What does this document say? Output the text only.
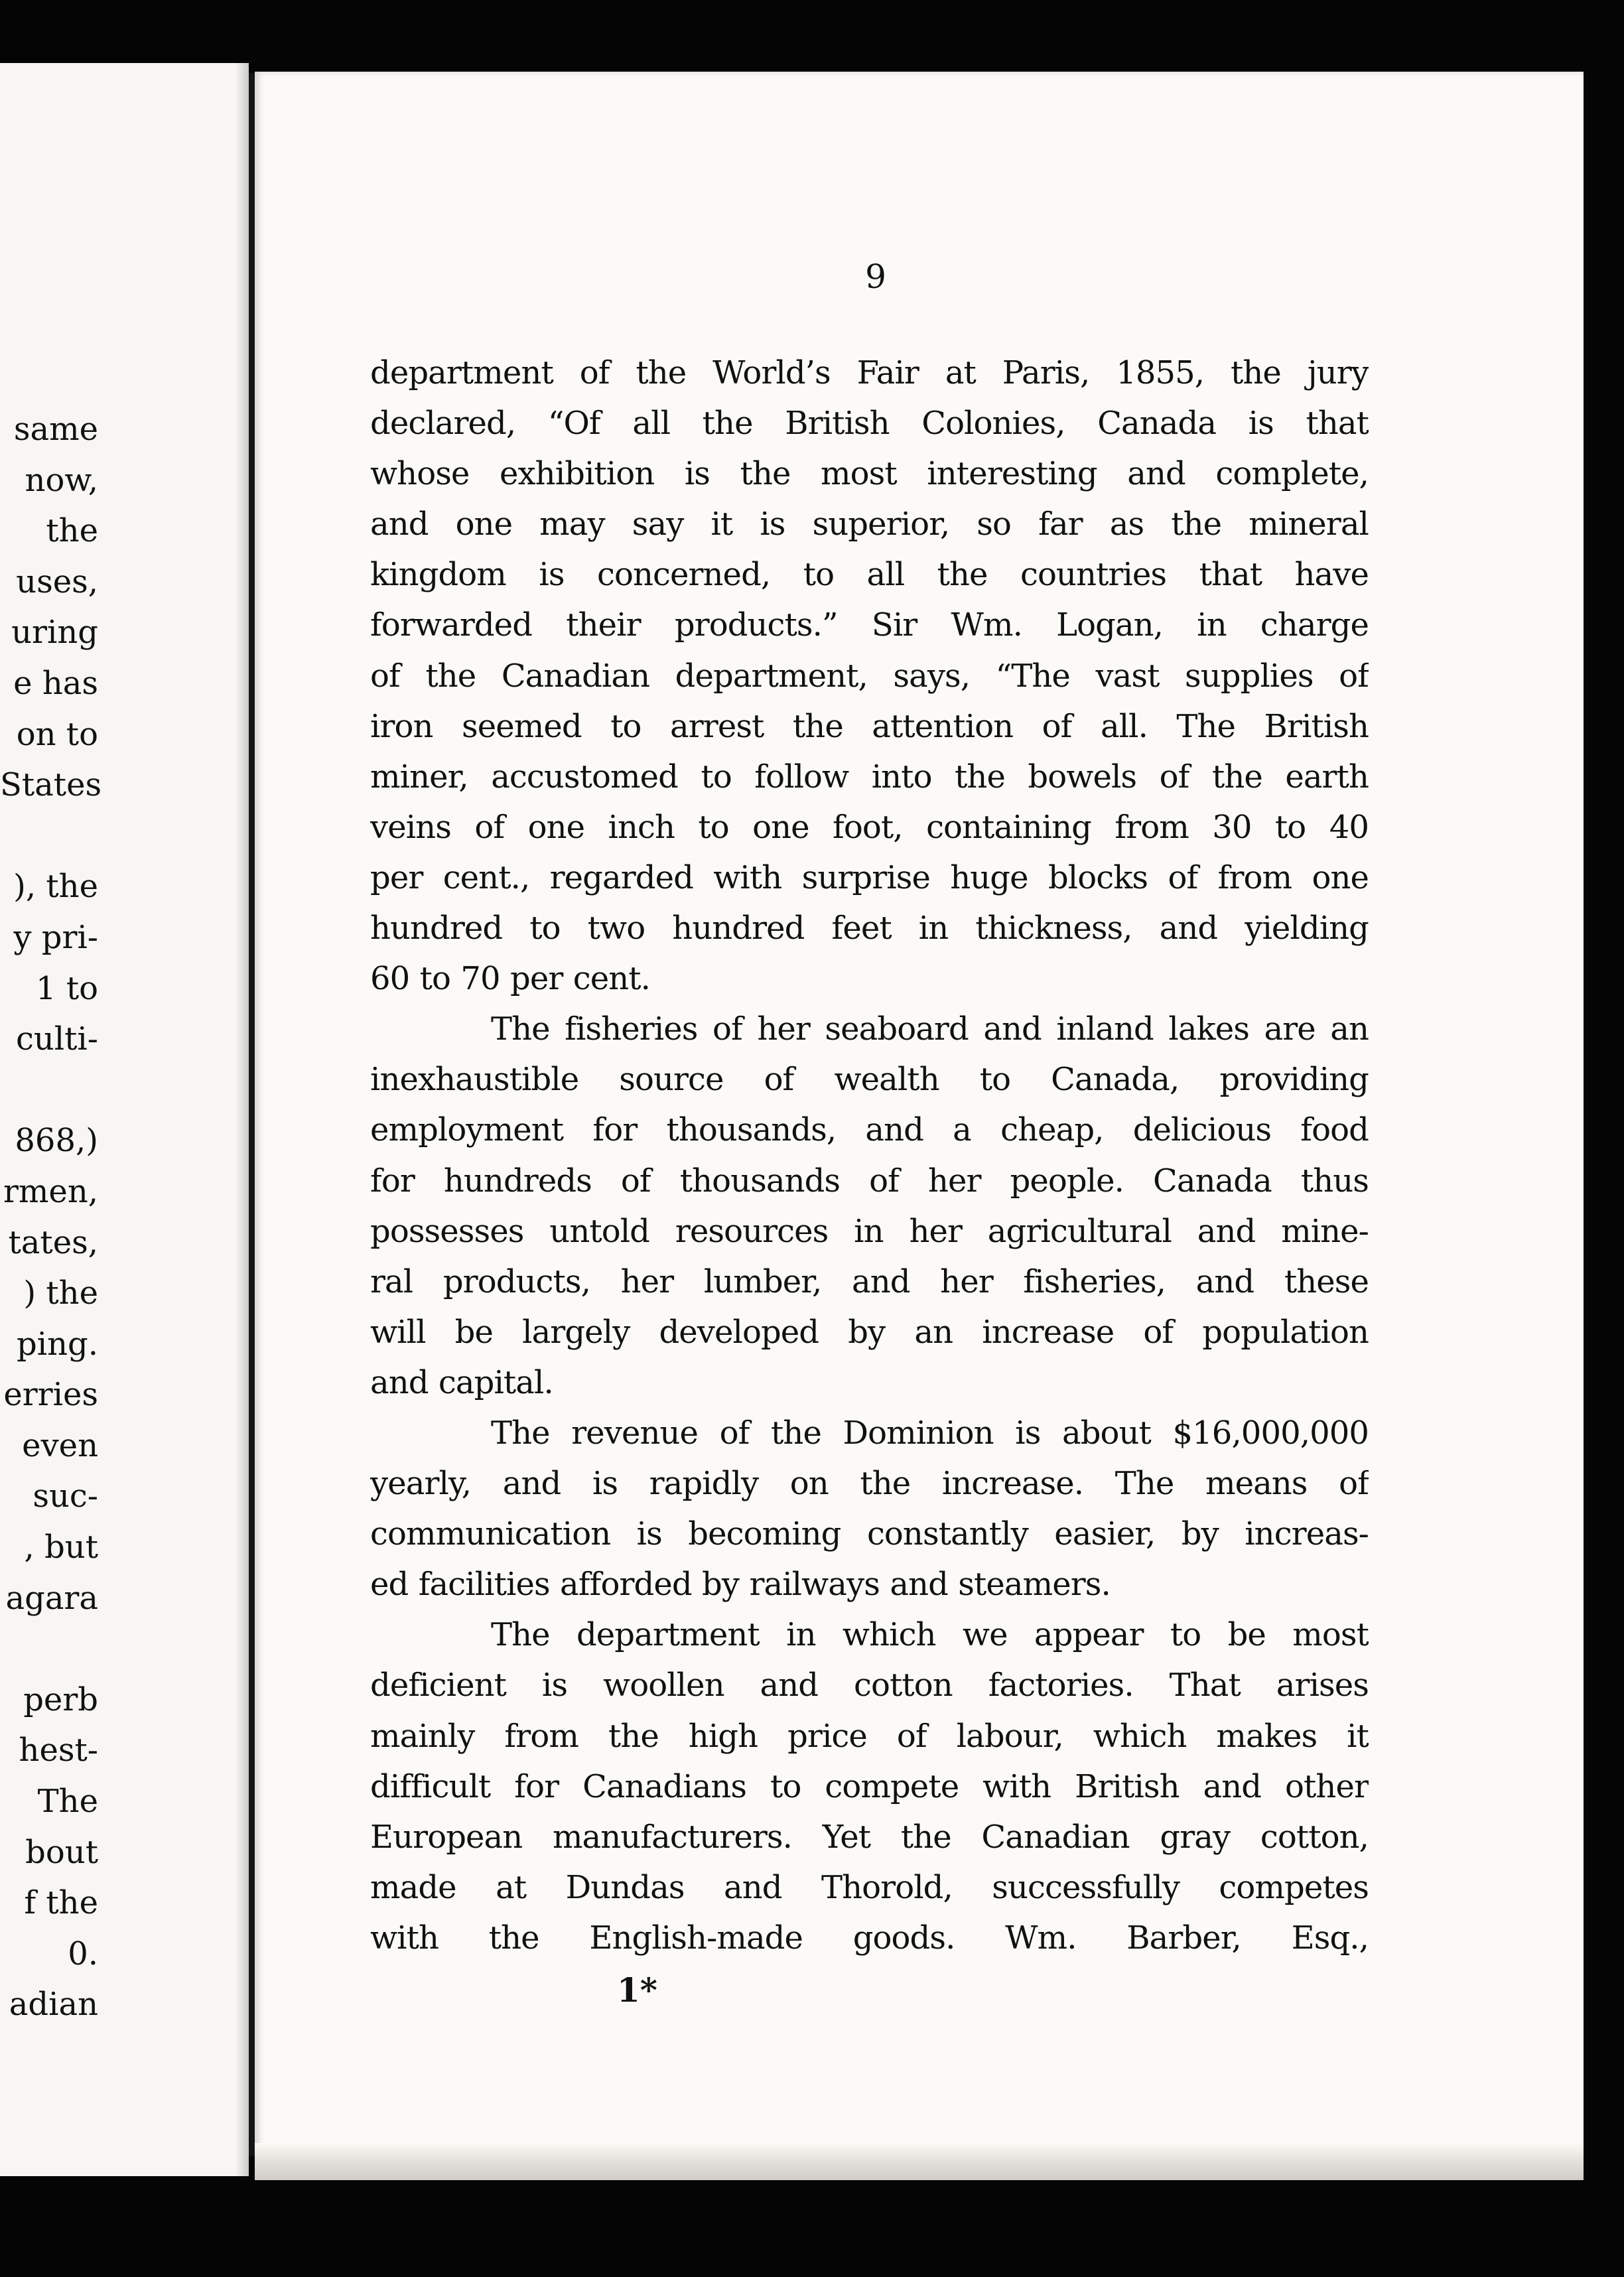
same
now,
the
uses,
uring
e has
on to
States
), the
y pri-
1 to
culti-
868,)
rmen,
tates,
) the
ping.
erries
even
suc-
, but
agara
perb
hest-
The
bout
f the
0.
adian
9
department of the World’s Fair at Paris, 1855, the jury
declared, “Of all the British Colonies, Canada is that
whose exhibition is the most interesting and complete,
and one may say it is superior, so far as the mineral
kingdom is concerned, to all the countries that have
forwarded their products.” Sir Wm. Logan, in charge
of the Canadian department, says, “The vast supplies of
iron seemed to arrest the attention of all. The British
miner, accustomed to follow into the bowels of the earth
veins of one inch to one foot, containing from 30 to 40
per cent., regarded with surprise huge blocks of from one
hundred to two hundred feet in thickness, and yielding
60 to 70 per cent.
The fisheries of her seaboard and inland lakes are an
inexhaustible source of wealth to Canada, providing
employment for thousands, and a cheap, delicious food
for hundreds of thousands of her people. Canada thus
possesses untold resources in her agricultural and mine-
ral products, her lumber, and her fisheries, and these
will be largely developed by an increase of population
and capital.
The revenue of the Dominion is about $16,000,000
yearly, and is rapidly on the increase. The means of
communication is becoming constantly easier, by increas-
ed facilities afforded by railways and steamers.
The department in which we appear to be most
deficient is woollen and cotton factories. That arises
mainly from the high price of labour, which makes it
difficult for Canadians to compete with British and other
European manufacturers. Yet the Canadian gray cotton,
made at Dundas and Thorold, successfully competes
with the English-made goods. Wm. Barber, Esq.,
1*
